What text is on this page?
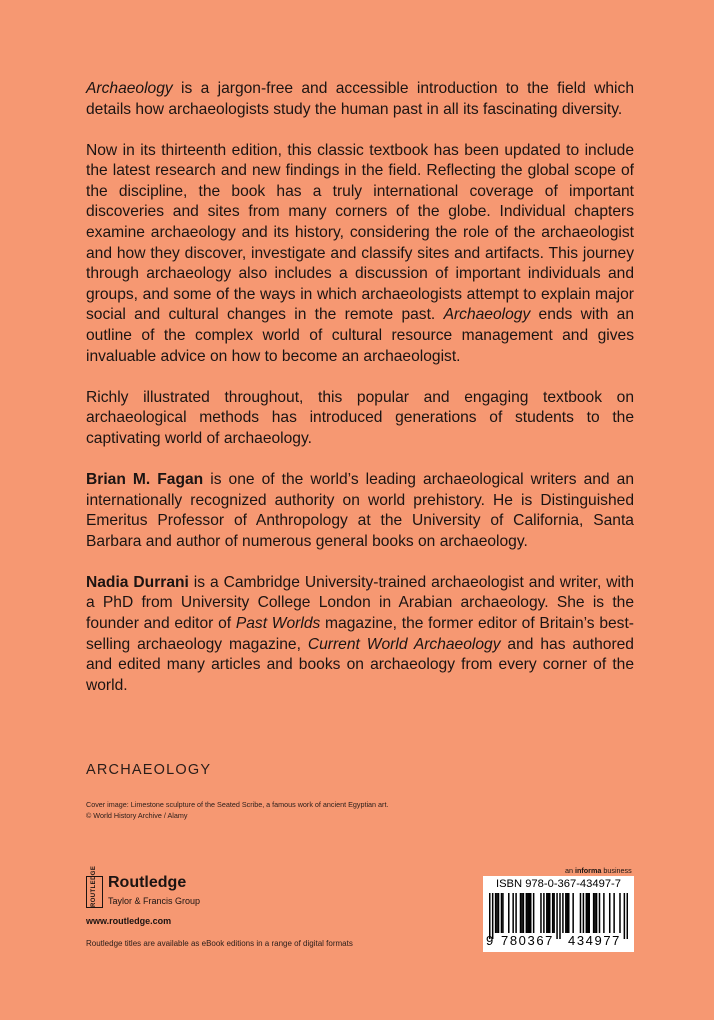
Archaeology is a jargon-free and accessible introduction to the field which details how archaeologists study the human past in all its fascinating diversity.

Now in its thirteenth edition, this classic textbook has been updated to include the latest research and new findings in the field. Reflecting the global scope of the discipline, the book has a truly international coverage of important discoveries and sites from many corners of the globe. Individual chapters examine archaeology and its history, considering the role of the archaeologist and how they discover, investigate and classify sites and artifacts. This journey through archaeology also includes a discussion of important individuals and groups, and some of the ways in which archaeologists attempt to explain major social and cultural changes in the remote past. Archaeology ends with an outline of the complex world of cultural resource management and gives invaluable advice on how to become an archaeologist.

Richly illustrated throughout, this popular and engaging textbook on archaeological methods has introduced generations of students to the captivating world of archaeology.

Brian M. Fagan is one of the world’s leading archaeological writers and an internationally recognized authority on world prehistory. He is Distinguished Emeritus Professor of Anthropology at the University of California, Santa Barbara and author of numerous general books on archaeology.

Nadia Durrani is a Cambridge University-trained archaeologist and writer, with a PhD from University College London in Arabian archaeology. She is the founder and editor of Past Worlds magazine, the former editor of Britain’s best-selling archaeology magazine, Current World Archaeology and has authored and edited many articles and books on archaeology from every corner of the world.

ARCHAEOLOGY
Cover image: Limestone sculpture of the Seated Scribe, a famous work of ancient Egyptian art.
© World History Archive / Alamy
ROUTLEDGE Routledge
Taylor & Francis Group
www.routledge.com
Routledge titles are available as eBook editions in a range of digital formats
an informa business
ISBN 978-0-367-43497-7
9 780367 434977
